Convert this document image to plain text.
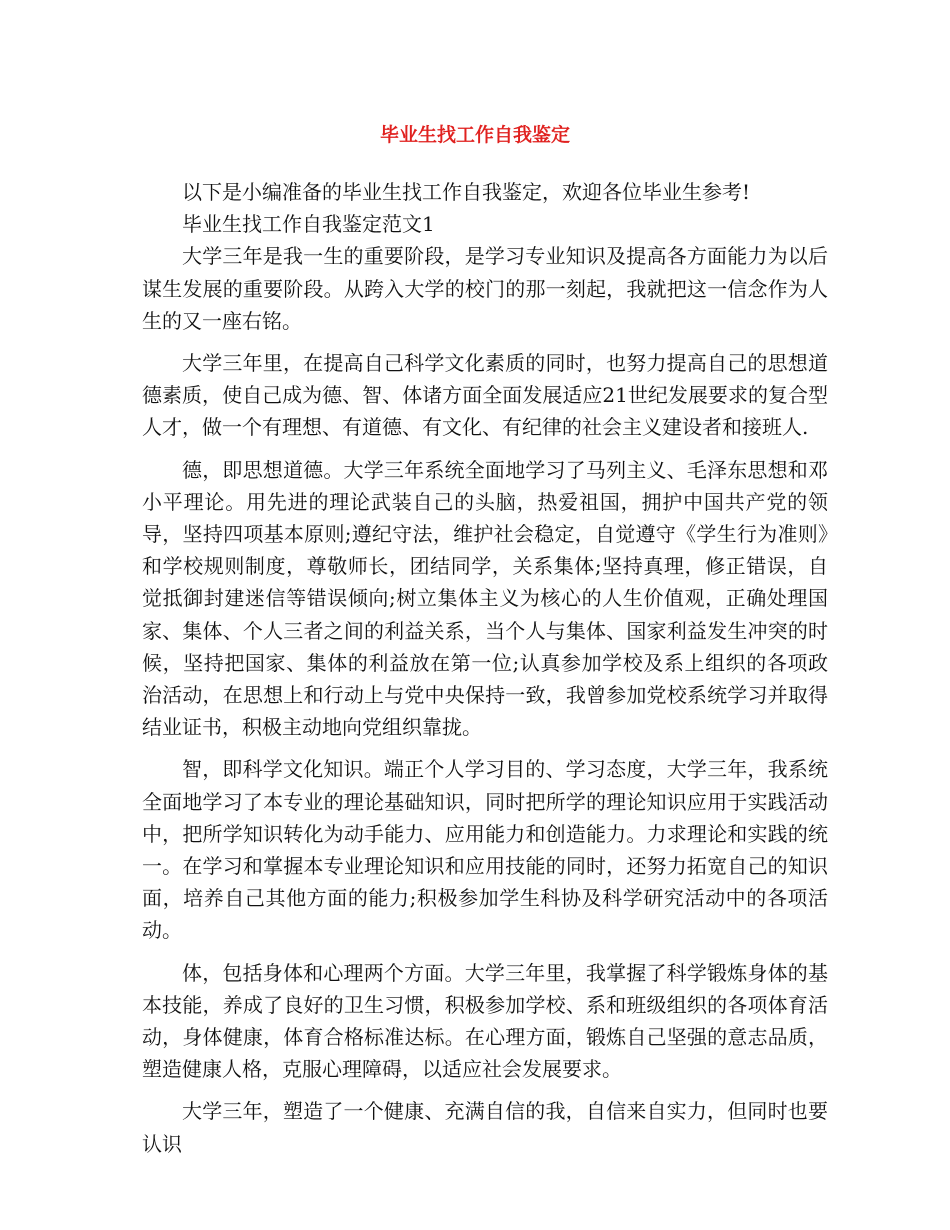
毕业生找工作自我鉴定

以下是小编准备的毕业生找工作自我鉴定，欢迎各位毕业生参考!

毕业生找工作自我鉴定范文1

大学三年是我一生的重要阶段，是学习专业知识及提高各方面能力为以后谋生发展的重要阶段。从跨入大学的校门的那一刻起，我就把这一信念作为人生的又一座右铭。

大学三年里，在提高自己科学文化素质的同时，也努力提高自己的思想道德素质，使自己成为德、智、体诸方面全面发展适应21世纪发展要求的复合型人才，做一个有理想、有道德、有文化、有纪律的社会主义建设者和接班人.

德，即思想道德。大学三年系统全面地学习了马列主义、毛泽东思想和邓小平理论。用先进的理论武装自己的头脑，热爱祖国，拥护中国共产党的领导，坚持四项基本原则;遵纪守法，维护社会稳定，自觉遵守《学生行为准则》和学校规则制度，尊敬师长，团结同学，关系集体;坚持真理，修正错误，自觉抵御封建迷信等错误倾向;树立集体主义为核心的人生价值观，正确处理国家、集体、个人三者之间的利益关系，当个人与集体、国家利益发生冲突的时候，坚持把国家、集体的利益放在第一位;认真参加学校及系上组织的各项政治活动，在思想上和行动上与党中央保持一致，我曾参加党校系统学习并取得结业证书，积极主动地向党组织靠拢。

智，即科学文化知识。端正个人学习目的、学习态度，大学三年，我系统全面地学习了本专业的理论基础知识，同时把所学的理论知识应用于实践活动中，把所学知识转化为动手能力、应用能力和创造能力。力求理论和实践的统一。在学习和掌握本专业理论知识和应用技能的同时，还努力拓宽自己的知识面，培养自己其他方面的能力;积极参加学生科协及科学研究活动中的各项活动。

体，包括身体和心理两个方面。大学三年里，我掌握了科学锻炼身体的基本技能，养成了良好的卫生习惯，积极参加学校、系和班级组织的各项体育活动，身体健康，体育合格标准达标。在心理方面，锻炼自己坚强的意志品质，塑造健康人格，克服心理障碍，以适应社会发展要求。

大学三年，塑造了一个健康、充满自信的我，自信来自实力，但同时也要认识
